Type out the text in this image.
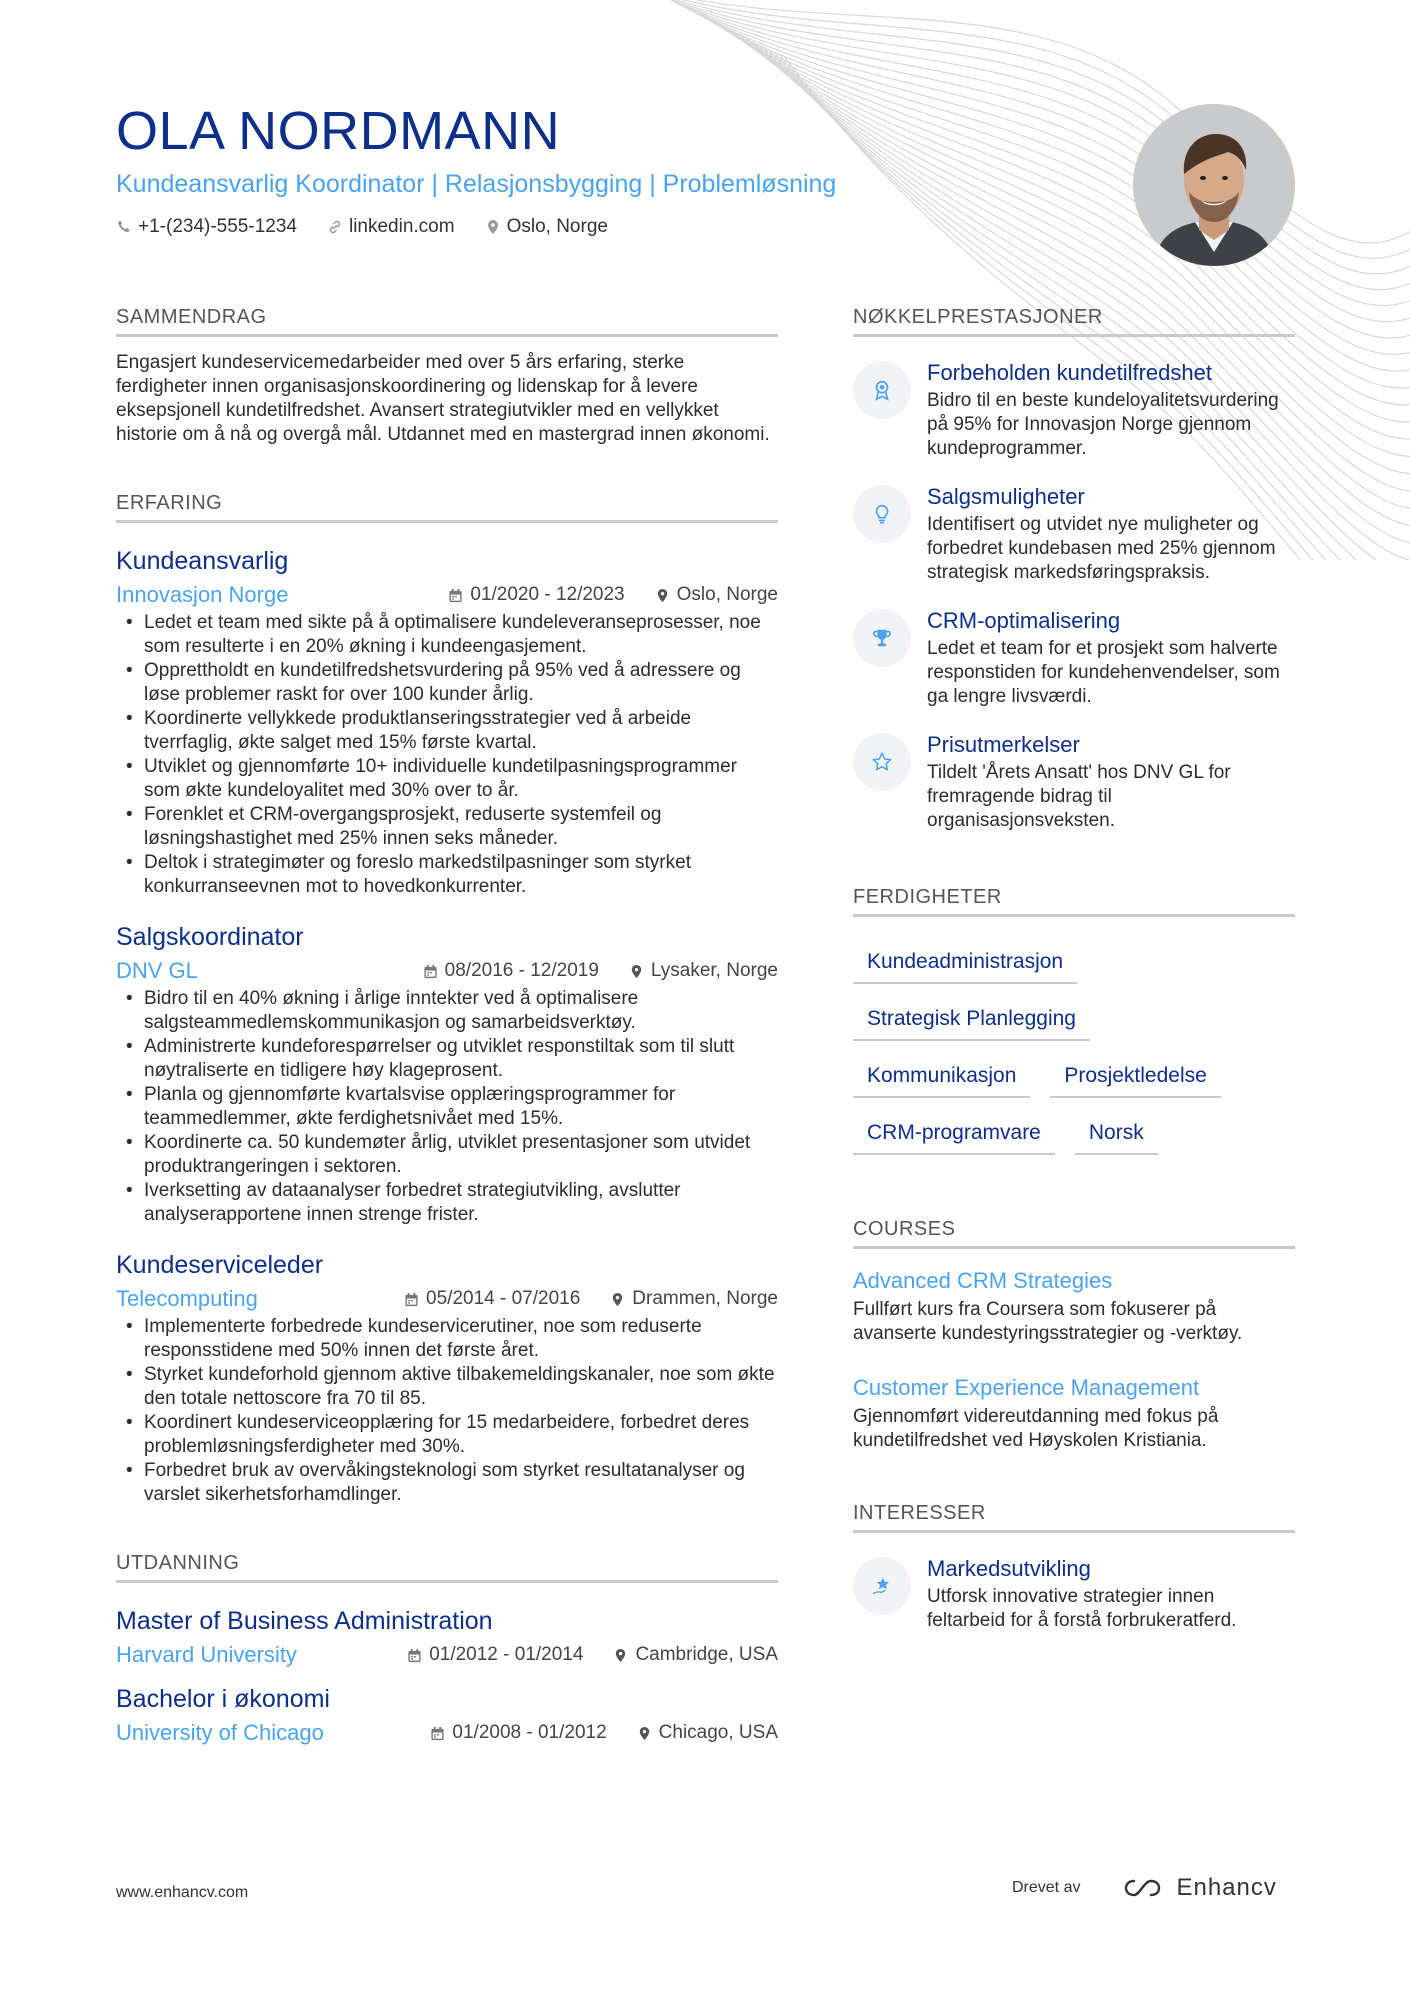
OLA NORDMANN
Kundeansvarlig Koordinator | Relasjonsbygging | Problemløsning
+1-(234)-555-1234	linkedin.com	Oslo, Norge
SAMMENDRAG

Engasjert kundeservicemedarbeider med over 5 års erfaring, sterke ferdigheter innen organisasjonskoordinering og lidenskap for å levere eksepsjonell kundetilfredshet. Avansert strategiutvikler med en vellykket historie om å nå og overgå mål. Utdannet med en mastergrad innen økonomi.

ERFARING
Kundeansvarlig
Innovasjon Norge	01/2020 - 12/2023	Oslo, Norge
• Ledet et team med sikte på å optimalisere kundeleveranseprosesser, noe som resulterte i en 20% økning i kundeengasjement.
• Opprettholdt en kundetilfredshetsvurdering på 95% ved å adressere og løse problemer raskt for over 100 kunder årlig.
• Koordinerte vellykkede produktlanseringsstrategier ved å arbeide tverrfaglig, økte salget med 15% første kvartal.
• Utviklet og gjennomførte 10+ individuelle kundetilpasningsprogrammer som økte kundeloyalitet med 30% over to år.
• Forenklet et CRM-overgangsprosjekt, reduserte systemfeil og løsningshastighet med 25% innen seks måneder.
• Deltok i strategimøter og foreslo markedstilpasninger som styrket konkurranseevnen mot to hovedkonkurrenter.
Salgskoordinator
DNV GL	08/2016 - 12/2019	Lysaker, Norge
• Bidro til en 40% økning i årlige inntekter ved å optimalisere salgsteammedlemskommunikasjon og samarbeidsverktøy.
• Administrerte kundeforespørrelser og utviklet responstiltak som til slutt nøytraliserte en tidligere høy klageprosent.
• Planla og gjennomførte kvartalsvise opplæringsprogrammer for teammedlemmer, økte ferdighetsnivået med 15%.
• Koordinerte ca. 50 kundemøter årlig, utviklet presentasjoner som utvidet produktrangeringen i sektoren.
• Iverksetting av dataanalyser forbedret strategiutvikling, avslutter analyserapportene innen strenge frister.
Kundeserviceleder
Telecomputing	05/2014 - 07/2016	Drammen, Norge
• Implementerte forbedrede kundeservicerutiner, noe som reduserte responsstidene med 50% innen det første året.
• Styrket kundeforhold gjennom aktive tilbakemeldingskanaler, noe som økte den totale nettoscore fra 70 til 85.
• Koordinert kundeserviceopplæring for 15 medarbeidere, forbedret deres problemløsningsferdigheter med 30%.
• Forbedret bruk av overvåkingsteknologi som styrket resultatanalyser og varslet sikerhetsforhamdlinger.
UTDANNING
Master of Business Administration
Harvard University	01/2012 - 01/2014	Cambridge, USA
Bachelor i økonomi
University of Chicago	01/2008 - 01/2012	Chicago, USA
NØKKELPRESTASJONER
Forbeholden kundetilfredshet
Bidro til en beste kundeloyalitetsvurdering på 95% for Innovasjon Norge gjennom kundeprogrammer.
Salgsmuligheter
Identifisert og utvidet nye muligheter og forbedret kundebasen med 25% gjennom strategisk markedsføringspraksis.
CRM-optimalisering
Ledet et team for et prosjekt som halverte responstiden for kundehenvendelser, som ga lengre livsværdi.
Prisutmerkelser
Tildelt 'Årets Ansatt' hos DNV GL for fremragende bidrag til organisasjonsveksten.
FERDIGHETER
Kundeadministrasjon
Strategisk Planlegging
Kommunikasjon	Prosjektledelse
CRM-programvare	Norsk
COURSES
Advanced CRM Strategies
Fullført kurs fra Coursera som fokuserer på avanserte kundestyringsstrategier og -verktøy.
Customer Experience Management
Gjennomført videreutdanning med fokus på kundetilfredshet ved Høyskolen Kristiania.
INTERESSER
Markedsutvikling
Utforsk innovative strategier innen feltarbeid for å forstå forbrukeratferd.
www.enhancv.com	Drevet av	Enhancv
